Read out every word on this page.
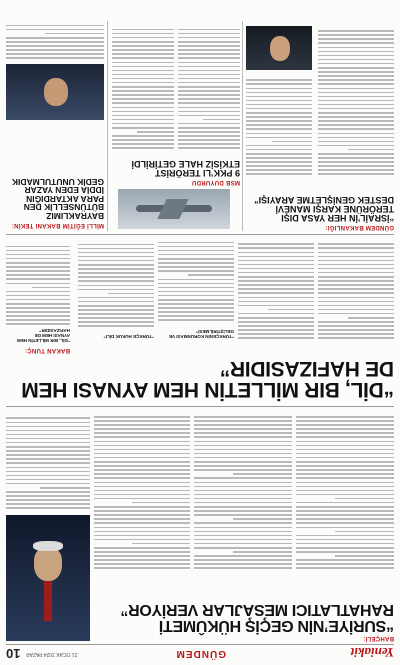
Yeniakit
GÜNDEM
21 OCAK 2024 PAZAR
10
BAHÇELİ:
“SURİYE’NİN GEÇİŞ HÜKÛMETİ RAHATLATICI MESAJLAR VERİYOR”
“DİL, BIR MİLLETİN HEM AYNASI HEM DE HAFIZASIDIR”
BAKAN TUNÇ:
“TÜRKÇENİN KORUNMASI VE GELİŞTİRİLMESİ”
“TÜRKÇE HUKUK DİLİ”
“DİL, BIR MİLLETİN HEM AYNASI HEM DE HAFIZASIDIR”
GÜNDEM BAKANLIĞI:
“İSRAİL’İN HER YASA DIŞI TERÖRÜNE KARŞI MANEVİ DESTEK GENİŞLETME ARAYIŞI”
MSB DUYURDU
9 PKK’LI TERÖRİST ETKİSİZ HALE GETİRİLDİ
MİLLİ EĞİTİM BAKANI TEKİN:
BAYRAKLIMIZ BÜTÜNSELLİK DEN PARA AKTARDIĞIN İDDİA EDEN YAZAR GEDİK UNUTULMADIK
